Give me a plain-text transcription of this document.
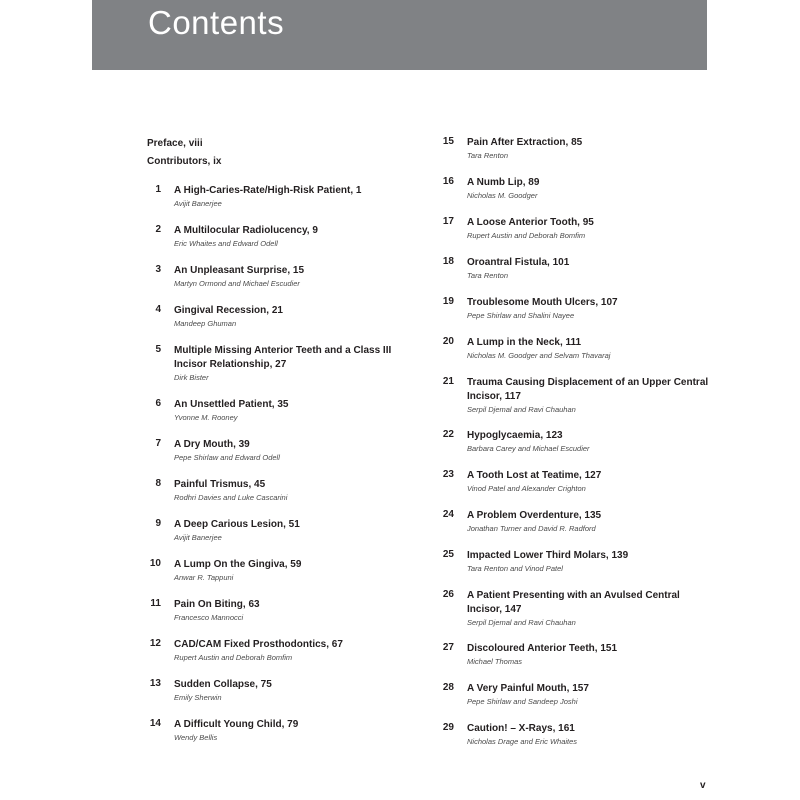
Contents
Preface, viii
Contributors, ix
1 A High-Caries-Rate/High-Risk Patient, 1
Avijit Banerjee
2 A Multilocular Radiolucency, 9
Eric Whaites and Edward Odell
3 An Unpleasant Surprise, 15
Martyn Ormond and Michael Escudier
4 Gingival Recession, 21
Mandeep Ghuman
5 Multiple Missing Anterior Teeth and a Class III Incisor Relationship, 27
Dirk Bister
6 An Unsettled Patient, 35
Yvonne M. Rooney
7 A Dry Mouth, 39
Pepe Shirlaw and Edward Odell
8 Painful Trismus, 45
Rodhri Davies and Luke Cascarini
9 A Deep Carious Lesion, 51
Avijit Banerjee
10 A Lump On the Gingiva, 59
Anwar R. Tappuni
11 Pain On Biting, 63
Francesco Mannocci
12 CAD/CAM Fixed Prosthodontics, 67
Rupert Austin and Deborah Bomfim
13 Sudden Collapse, 75
Emily Sherwin
14 A Difficult Young Child, 79
Wendy Bellis
15 Pain After Extraction, 85
Tara Renton
16 A Numb Lip, 89
Nicholas M. Goodger
17 A Loose Anterior Tooth, 95
Rupert Austin and Deborah Bomfim
18 Oroantral Fistula, 101
Tara Renton
19 Troublesome Mouth Ulcers, 107
Pepe Shirlaw and Shalini Nayee
20 A Lump in the Neck, 111
Nicholas M. Goodger and Selvam Thavaraj
21 Trauma Causing Displacement of an Upper Central Incisor, 117
Serpil Djemal and Ravi Chauhan
22 Hypoglycaemia, 123
Barbara Carey and Michael Escudier
23 A Tooth Lost at Teatime, 127
Vinod Patel and Alexander Crighton
24 A Problem Overdenture, 135
Jonathan Turner and David R. Radford
25 Impacted Lower Third Molars, 139
Tara Renton and Vinod Patel
26 A Patient Presenting with an Avulsed Central Incisor, 147
Serpil Djemal and Ravi Chauhan
27 Discoloured Anterior Teeth, 151
Michael Thomas
28 A Very Painful Mouth, 157
Pepe Shirlaw and Sandeep Joshi
29 Caution! – X-Rays, 161
Nicholas Drage and Eric Whaites
v
